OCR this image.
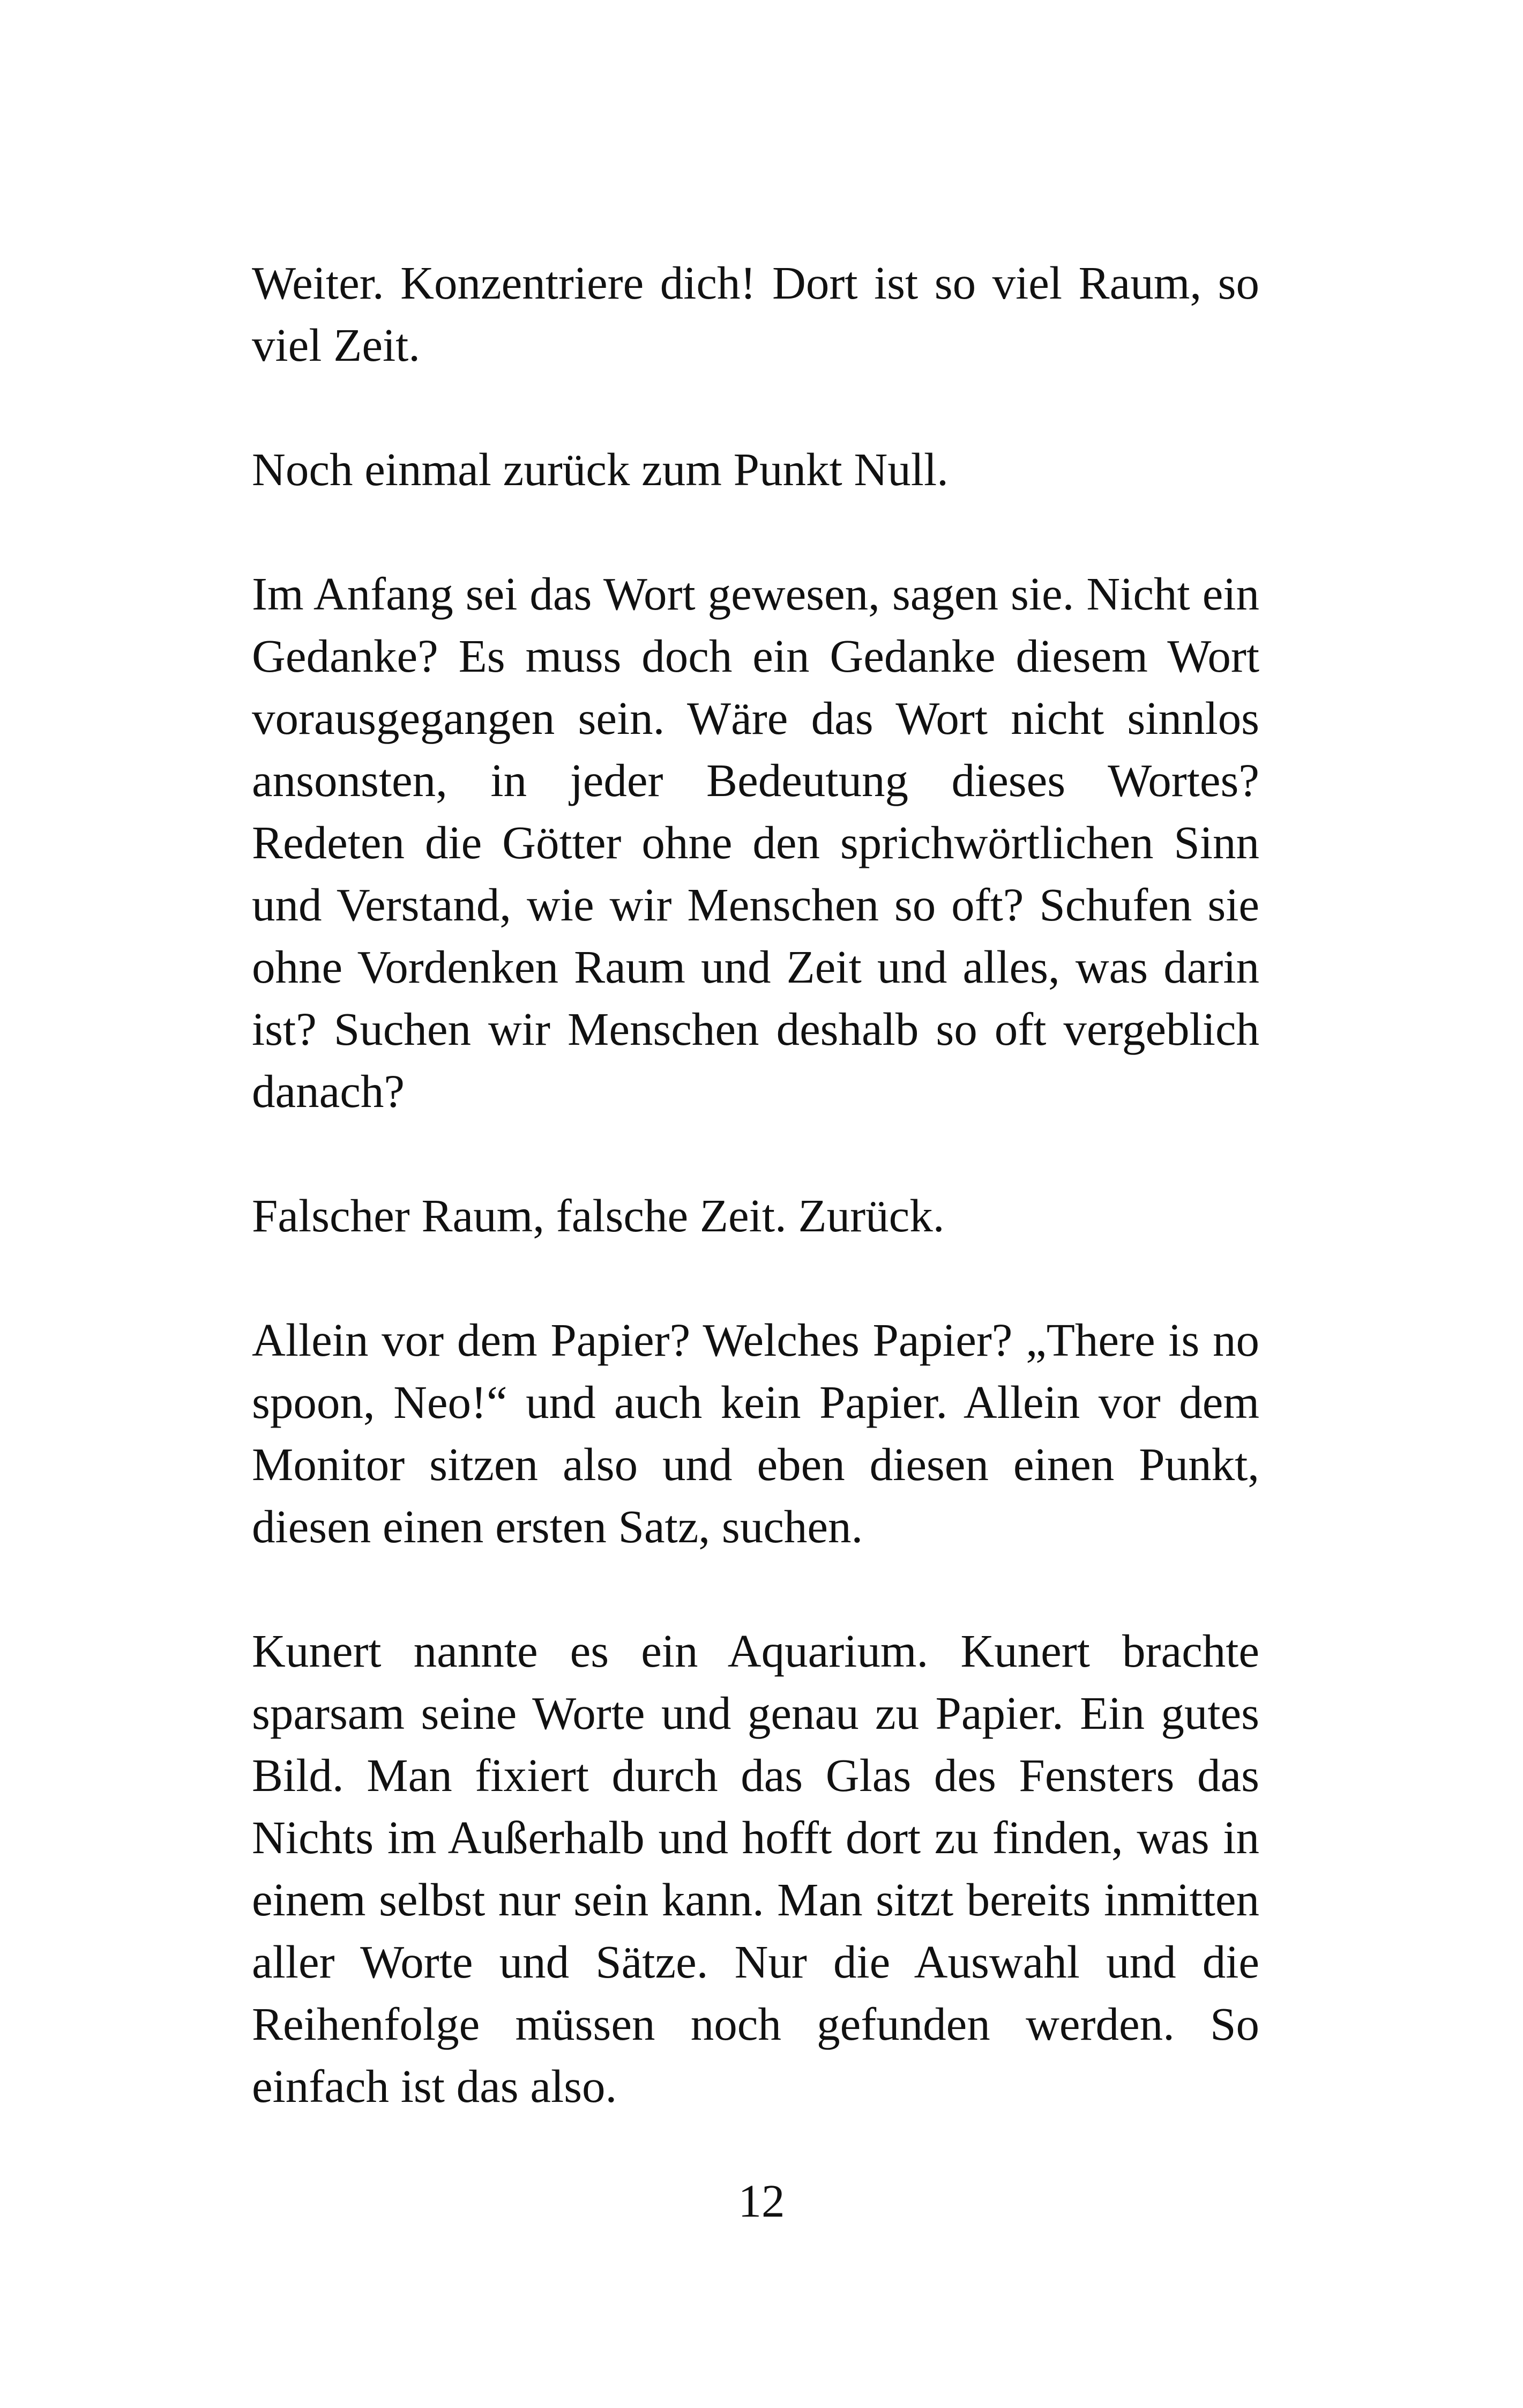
Weiter. Konzentriere dich! Dort ist so viel Raum, so viel Zeit.

Noch einmal zurück zum Punkt Null.

Im Anfang sei das Wort gewesen, sagen sie. Nicht ein Gedanke? Es muss doch ein Gedanke diesem Wort vorausgegangen sein. Wäre das Wort nicht sinnlos ansonsten, in jeder Bedeutung dieses Wortes? Redeten die Götter ohne den sprichwörtlichen Sinn und Verstand, wie wir Menschen so oft? Schufen sie ohne Vordenken Raum und Zeit und alles, was darin ist? Suchen wir Menschen deshalb so oft vergeblich danach?

Falscher Raum, falsche Zeit. Zurück.

Allein vor dem Papier? Welches Papier? „There is no spoon, Neo!“ und auch kein Papier. Allein vor dem Monitor sitzen also und eben diesen einen Punkt, diesen einen ersten Satz, suchen.

Kunert nannte es ein Aquarium. Kunert brachte sparsam seine Worte und genau zu Papier. Ein gutes Bild. Man fixiert durch das Glas des Fensters das Nichts im Außerhalb und hofft dort zu finden, was in einem selbst nur sein kann. Man sitzt bereits inmitten aller Worte und Sätze. Nur die Auswahl und die Reihenfolge müssen noch gefunden werden. So einfach ist das also.

12
